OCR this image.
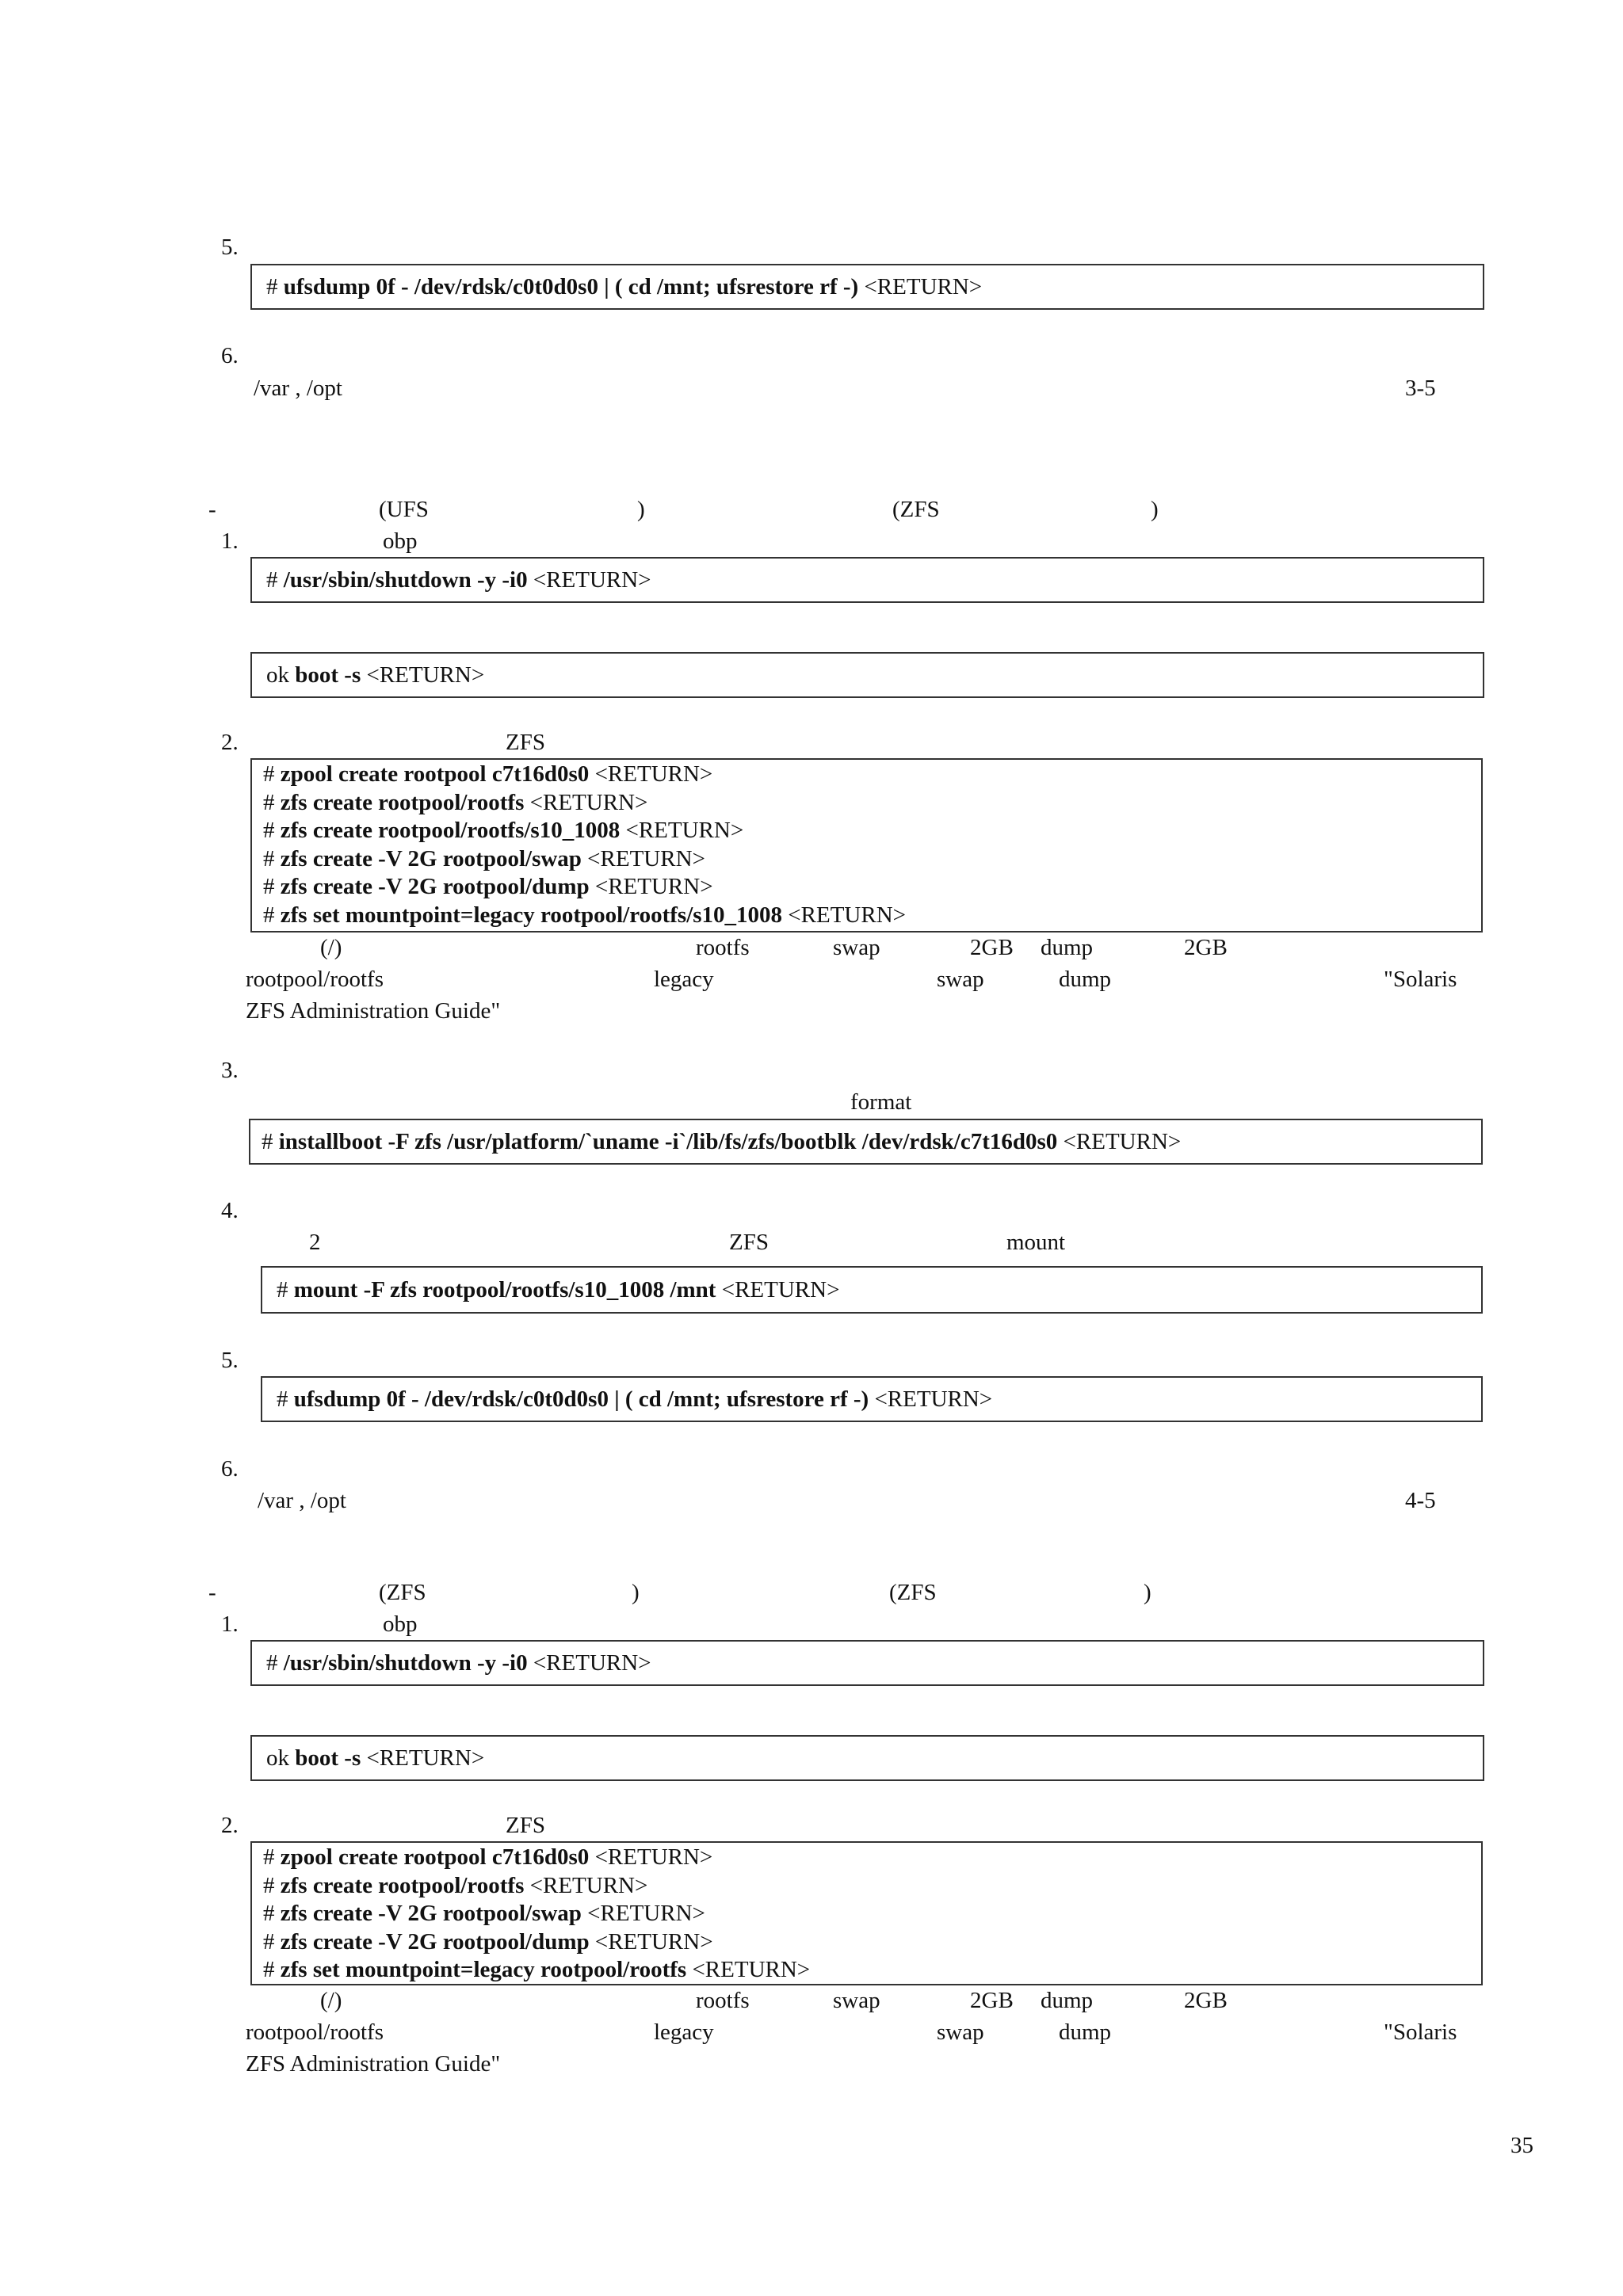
5.
# ufsdump 0f - /dev/rdsk/c0t0d0s0 | ( cd /mnt; ufsrestore rf -) <RETURN>
6.
/var , /opt	3-5
-	(UFS	)	(ZFS	)
1.	obp
# /usr/sbin/shutdown -y -i0 <RETURN>
ok boot -s <RETURN>
2.	ZFS
# zpool create rootpool c7t16d0s0 <RETURN>
# zfs create rootpool/rootfs <RETURN>
# zfs create rootpool/rootfs/s10_1008 <RETURN>
# zfs create -V 2G rootpool/swap <RETURN>
# zfs create -V 2G rootpool/dump <RETURN>
# zfs set mountpoint=legacy rootpool/rootfs/s10_1008 <RETURN>
(/)	rootfs	swap	2GB dump	2GB
rootpool/rootfs	legacy	swap	dump	"Solaris
ZFS Administration Guide"
3.
format
# installboot -F zfs /usr/platform/`uname -i`/lib/fs/zfs/bootblk /dev/rdsk/c7t16d0s0 <RETURN>
4.
2	ZFS	mount
# mount -F zfs rootpool/rootfs/s10_1008 /mnt <RETURN>
5.
# ufsdump 0f - /dev/rdsk/c0t0d0s0 | ( cd /mnt; ufsrestore rf -) <RETURN>
6.
/var , /opt	4-5
-	(ZFS	)	(ZFS	)
1.	obp
# /usr/sbin/shutdown -y -i0 <RETURN>
ok boot -s <RETURN>
2.	ZFS
# zpool create rootpool c7t16d0s0 <RETURN>
# zfs create rootpool/rootfs <RETURN>
# zfs create -V 2G rootpool/swap <RETURN>
# zfs create -V 2G rootpool/dump <RETURN>
# zfs set mountpoint=legacy rootpool/rootfs <RETURN>
(/)	rootfs	swap	2GB dump	2GB
rootpool/rootfs	legacy	swap	dump	"Solaris
ZFS Administration Guide"
35
